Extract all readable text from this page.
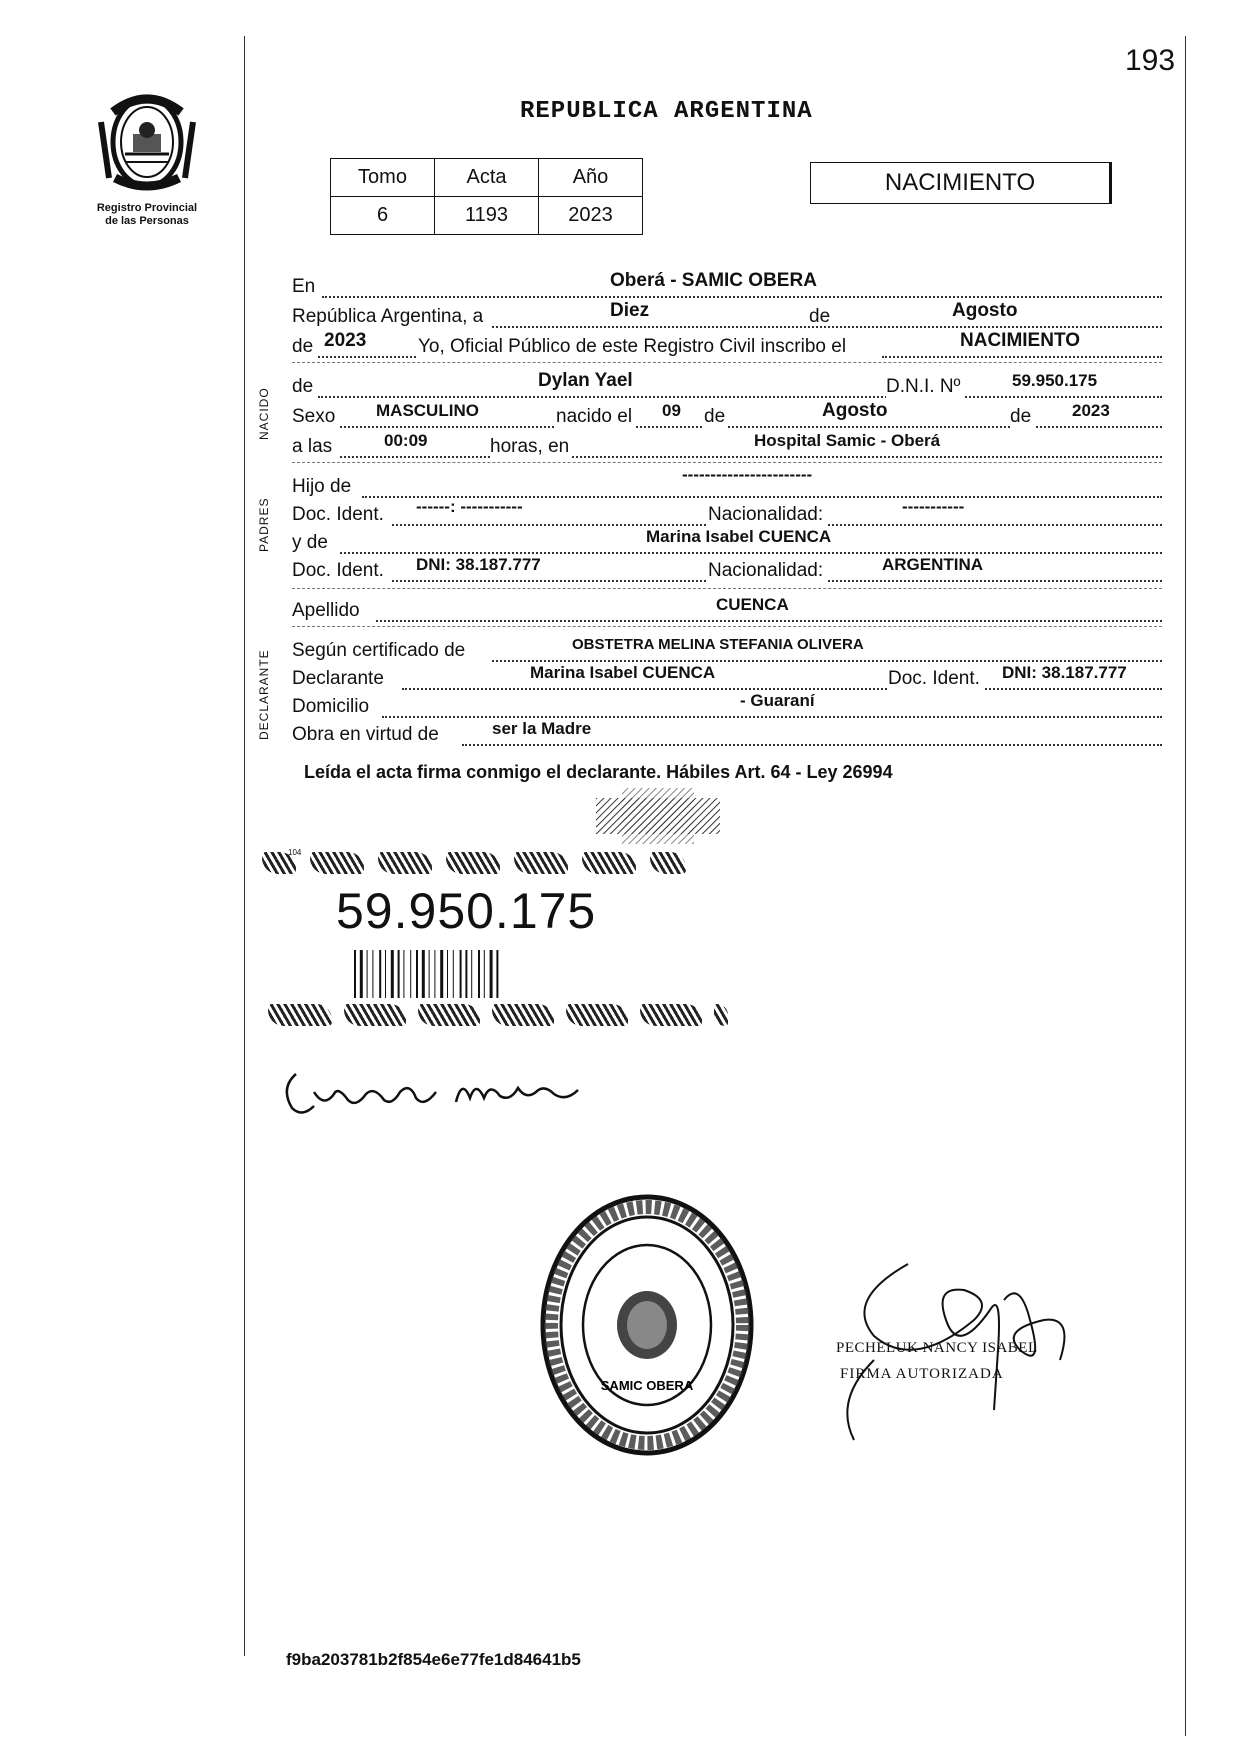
Registro Provincial
de las Personas
193
REPUBLICA ARGENTINA
Tomo	Acta	Año
6	1193	2023
NACIMIENTO
En	Oberá - SAMIC OBERA
República Argentina, a	Diez	de	Agosto
de 2023	Yo, Oficial Público de este Registro Civil inscribo el	NACIMIENTO
NACIDO
de	Dylan Yael	D.N.I. Nº	59.950.175
Sexo MASCULINO	nacido el 09 de	Agosto	de 2023
a las	00:09	horas, en	Hospital Samic - Oberá
PADRES
Hijo de
-----------------------
Doc. Ident. ------: -----------	Nacionalidad:	-----------
y de	Marina Isabel CUENCA
Doc. Ident. DNI: 38.187.777	Nacionalidad:	ARGENTINA
Apellido	CUENCA
DECLARANTE Según certificado de	OBSTETRA MELINA STEFANIA OLIVERA
Declarante	Marina Isabel CUENCA	Doc. Ident. DNI: 38.187.777
Domicilio	- Guaraní
Obra en virtud de	ser la Madre
Leída el acta firma conmigo el declarante. Hábiles Art. 64 - Ley 26994
104
59.950.175
SAMIC OBERA
PECHELUK NANCY ISABEL
FIRMA AUTORIZADA
f9ba203781b2f854e6e77fe1d84641b5
